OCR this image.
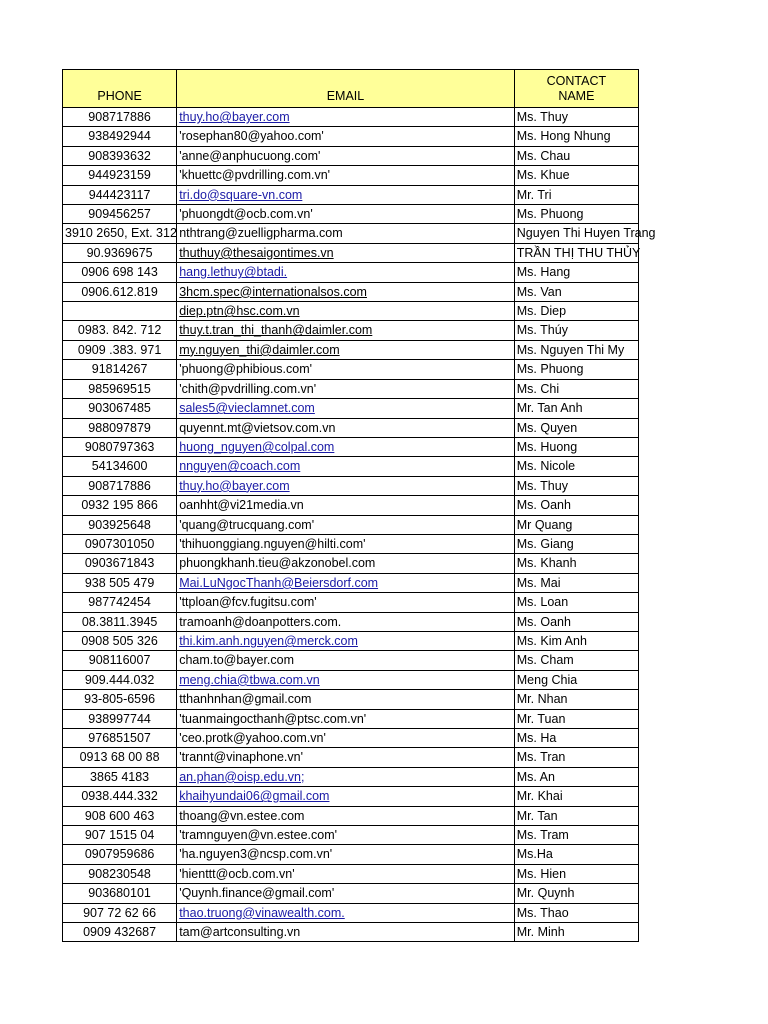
PHONE	EMAIL	CONTACT
NAME

908717886	thuy.ho@bayer.com	Ms. Thuy
938492944	'rosephan80@yahoo.com'	Ms. Hong Nhung
908393632	'anne@anphucuong.com'	Ms. Chau
944923159	'khuettc@pvdrilling.com.vn'	Ms. Khue
944423117	tri.do@square-vn.com	Mr. Tri
909456257	'phuongdt@ocb.com.vn'	Ms. Phuong
3910 2650, Ext. 312	nthtrang@zuelligpharma.com	Nguyen Thi Huyen Trang
90.9369675	thuthuy@thesaigontimes.vn	TRẦN THỊ THU THỦY
0906 698 143	hang.lethuy@btadi.	Ms. Hang
0906.612.819	3hcm.spec@internationalsos.com	Ms. Van
	diep.ptn@hsc.com.vn	Ms. Diep
0983. 842. 712	thuy.t.tran_thi_thanh@daimler.com	Ms. Thúy
0909 .383. 971	my.nguyen_thi@daimler.com	Ms. Nguyen Thi My
91814267	'phuong@phibious.com'	Ms. Phuong
985969515	'chith@pvdrilling.com.vn'	Ms. Chi
903067485	sales5@vieclamnet.com	Mr. Tan Anh
988097879	quyennt.mt@vietsov.com.vn	Ms. Quyen
9080797363	huong_nguyen@colpal.com	Ms. Huong
54134600	nnguyen@coach.com	Ms. Nicole
908717886	thuy.ho@bayer.com	Ms. Thuy
0932 195 866	oanhht@vi21media.vn	Ms. Oanh
903925648	'quang@trucquang.com'	Mr Quang
0907301050	'thihuonggiang.nguyen@hilti.com'	Ms. Giang
0903671843	phuongkhanh.tieu@akzonobel.com	Ms. Khanh
938 505 479	Mai.LuNgocThanh@Beiersdorf.com	Ms. Mai
987742454	'ttploan@fcv.fugitsu.com'	Ms. Loan
08.3811.3945	tramoanh@doanpotters.com.	Ms. Oanh
0908 505 326	thi.kim.anh.nguyen@merck.com	Ms. Kim Anh
908116007	cham.to@bayer.com	Ms. Cham
909.444.032	meng.chia@tbwa.com.vn	Meng Chia
93-805-6596	tthanhnhan@gmail.com	Mr. Nhan
938997744	'tuanmaingocthanh@ptsc.com.vn'	Mr. Tuan
976851507	'ceo.protk@yahoo.com.vn'	Ms. Ha
0913 68 00 88	'trannt@vinaphone.vn'	Ms. Tran
3865 4183	an.phan@oisp.edu.vn;	Ms. An
0938.444.332	khaihyundai06@gmail.com	Mr. Khai
908 600 463	thoang@vn.estee.com	Mr. Tan
907 1515 04	'tramnguyen@vn.estee.com'	Ms. Tram
0907959686	'ha.nguyen3@ncsp.com.vn'	Ms.Ha
908230548	'hienttt@ocb.com.vn'	Ms. Hien
903680101	'Quynh.finance@gmail.com'	Mr. Quynh
907 72 62 66	thao.truong@vinawealth.com.	Ms. Thao
0909 432687	tam@artconsulting.vn	Mr. Minh
